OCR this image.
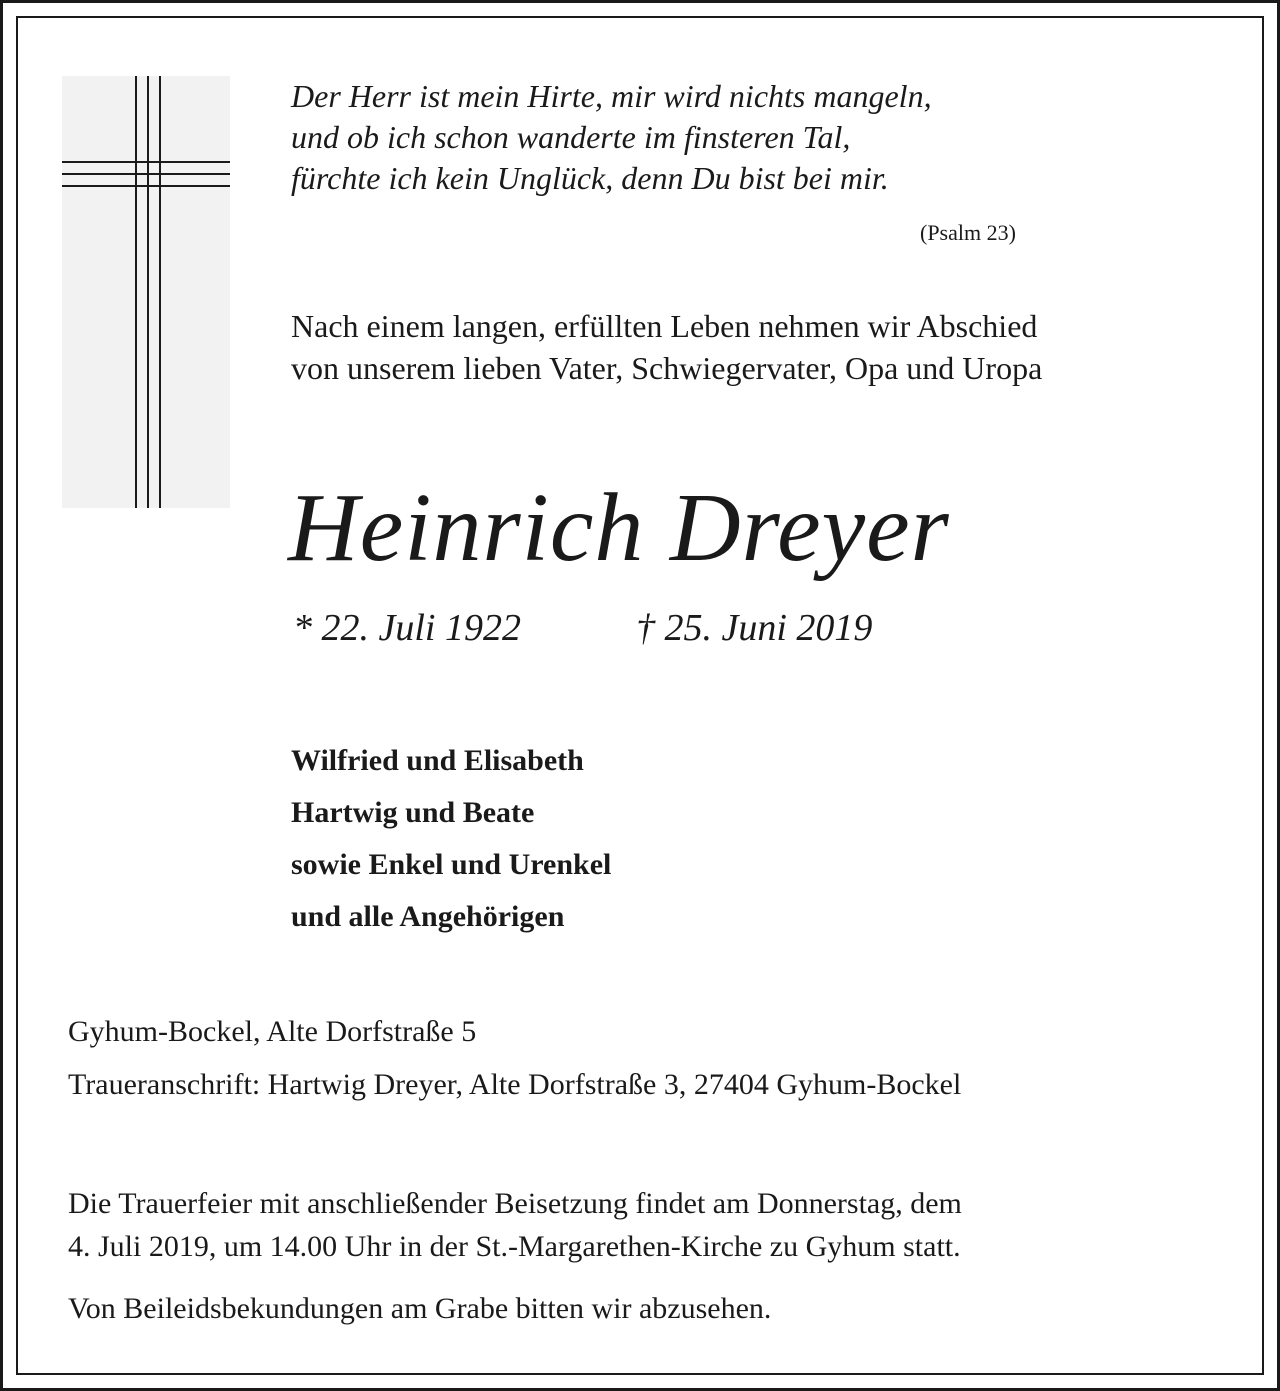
Der Herr ist mein Hirte, mir wird nichts mangeln,
und ob ich schon wanderte im finsteren Tal,
fürchte ich kein Unglück, denn Du bist bei mir.
(Psalm 23)
Nach einem langen, erfüllten Leben nehmen wir Abschied
von unserem lieben Vater, Schwiegervater, Opa und Uropa
Heinrich Dreyer
* 22. Juli 1922	† 25. Juni 2019
Wilfried und Elisabeth
Hartwig und Beate
sowie Enkel und Urenkel
und alle Angehörigen
Gyhum-Bockel, Alte Dorfstraße 5
Traueranschrift: Hartwig Dreyer, Alte Dorfstraße 3, 27404 Gyhum-Bockel
Die Trauerfeier mit anschließender Beisetzung findet am Donnerstag, dem
4. Juli 2019, um 14.00 Uhr in der St.-Margarethen-Kirche zu Gyhum statt.
Von Beileidsbekundungen am Grabe bitten wir abzusehen.
